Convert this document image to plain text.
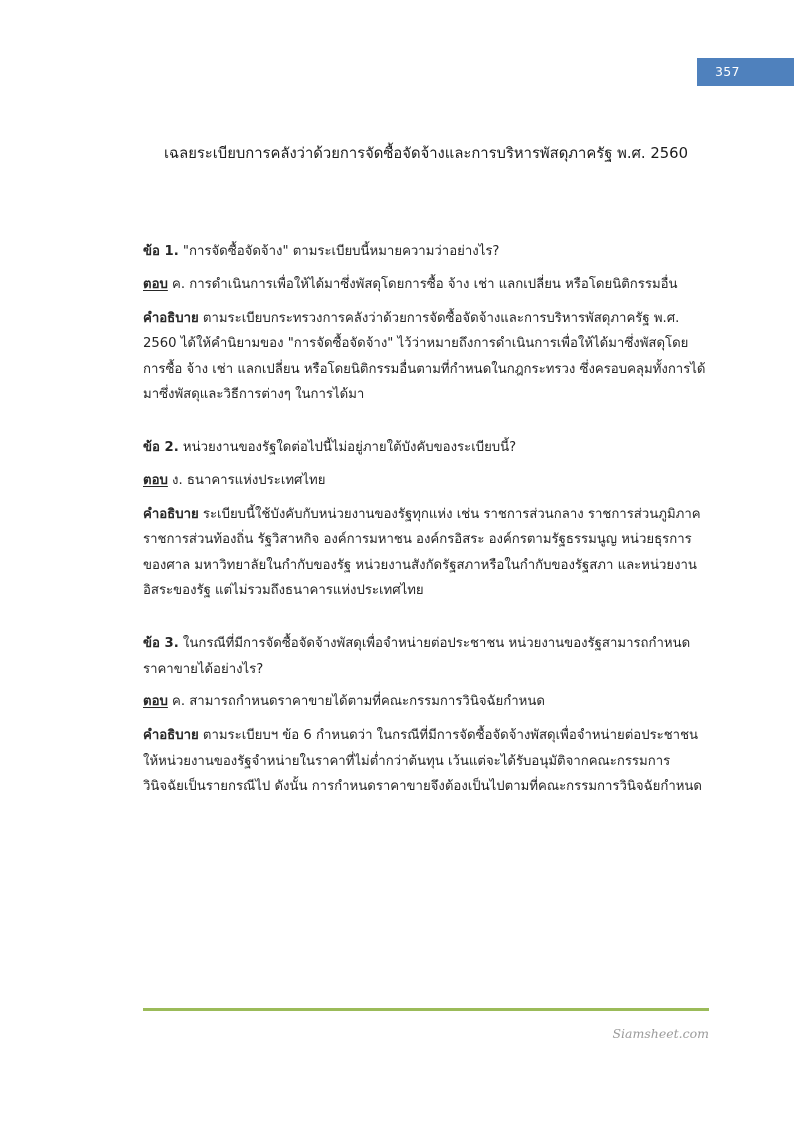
357
เฉลยระเบียบการคลังว่าด้วยการจัดซื้อจัดจ้างและการบริหารพัสดุภาครัฐ พ.ศ. 2560

ข้อ 1. "การจัดซื้อจัดจ้าง" ตามระเบียบนี้หมายความว่าอย่างไร?

ตอบ ค. การดำเนินการเพื่อให้ได้มาซึ่งพัสดุโดยการซื้อ จ้าง เช่า แลกเปลี่ยน หรือโดยนิติกรรมอื่น

คำอธิบาย ตามระเบียบกระทรวงการคลังว่าด้วยการจัดซื้อจัดจ้างและการบริหารพัสดุภาครัฐ พ.ศ. 2560 ได้ให้คำนิยามของ "การจัดซื้อจัดจ้าง" ไว้ว่าหมายถึงการดำเนินการเพื่อให้ได้มาซึ่งพัสดุโดยการซื้อ จ้าง เช่า แลกเปลี่ยน หรือโดยนิติกรรมอื่นตามที่กำหนดในกฎกระทรวง ซึ่งครอบคลุมทั้งการได้มาซึ่งพัสดุและวิธีการต่างๆ ในการได้มา

ข้อ 2. หน่วยงานของรัฐใดต่อไปนี้ไม่อยู่ภายใต้บังคับของระเบียบนี้?

ตอบ ง. ธนาคารแห่งประเทศไทย

คำอธิบาย ระเบียบนี้ใช้บังคับกับหน่วยงานของรัฐทุกแห่ง เช่น ราชการส่วนกลาง ราชการส่วนภูมิภาค ราชการส่วนท้องถิ่น รัฐวิสาหกิจ องค์การมหาชน องค์กรอิสระ องค์กรตามรัฐธรรมนูญ หน่วยธุรการของศาล มหาวิทยาลัยในกำกับของรัฐ หน่วยงานสังกัดรัฐสภาหรือในกำกับของรัฐสภา และหน่วยงานอิสระของรัฐ แต่ไม่รวมถึงธนาคารแห่งประเทศไทย

ข้อ 3. ในกรณีที่มีการจัดซื้อจัดจ้างพัสดุเพื่อจำหน่ายต่อประชาชน หน่วยงานของรัฐสามารถกำหนดราคาขายได้อย่างไร?

ตอบ ค. สามารถกำหนดราคาขายได้ตามที่คณะกรรมการวินิจฉัยกำหนด

คำอธิบาย ตามระเบียบฯ ข้อ 6 กำหนดว่า ในกรณีที่มีการจัดซื้อจัดจ้างพัสดุเพื่อจำหน่ายต่อประชาชน ให้หน่วยงานของรัฐจำหน่ายในราคาที่ไม่ต่ำกว่าต้นทุน เว้นแต่จะได้รับอนุมัติจากคณะกรรมการวินิจฉัยเป็นรายกรณีไป ดังนั้น การกำหนดราคาขายจึงต้องเป็นไปตามที่คณะกรรมการวินิจฉัยกำหนด

Siamsheet.com
